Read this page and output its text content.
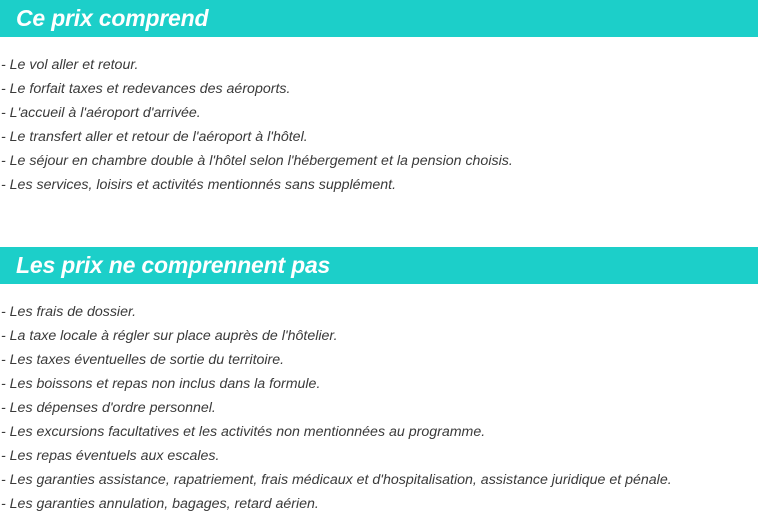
Ce prix comprend
- Le vol aller et retour.
- Le forfait taxes et redevances des aéroports.
- L'accueil à l'aéroport d'arrivée.
- Le transfert aller et retour de l'aéroport à l'hôtel.
- Le séjour en chambre double à l'hôtel selon l'hébergement et la pension choisis.
- Les services, loisirs et activités mentionnés sans supplément.
Les prix ne comprennent pas
- Les frais de dossier.
- La taxe locale à régler sur place auprès de l'hôtelier.
- Les taxes éventuelles de sortie du territoire.
- Les boissons et repas non inclus dans la formule.
- Les dépenses d'ordre personnel.
- Les excursions facultatives et les activités non mentionnées au programme.
- Les repas éventuels aux escales.
- Les garanties assistance, rapatriement, frais médicaux et d'hospitalisation, assistance juridique et pénale.
- Les garanties annulation, bagages, retard aérien.
